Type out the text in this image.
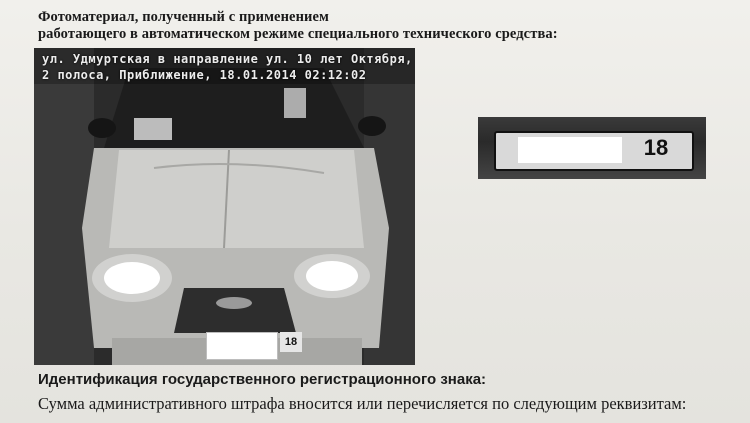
Фотоматериал, полученный с применением
работающего в автоматическом режиме специального технического средства:
ул. Удмуртская в направление ул. 10 лет Октября,
2 полоса, Приближение, 18.01.2014 02:12:02
18
18
Идентификация государственного регистрационного знака:
Сумма административного штрафа вносится или перечисляется по следующим реквизитам:
